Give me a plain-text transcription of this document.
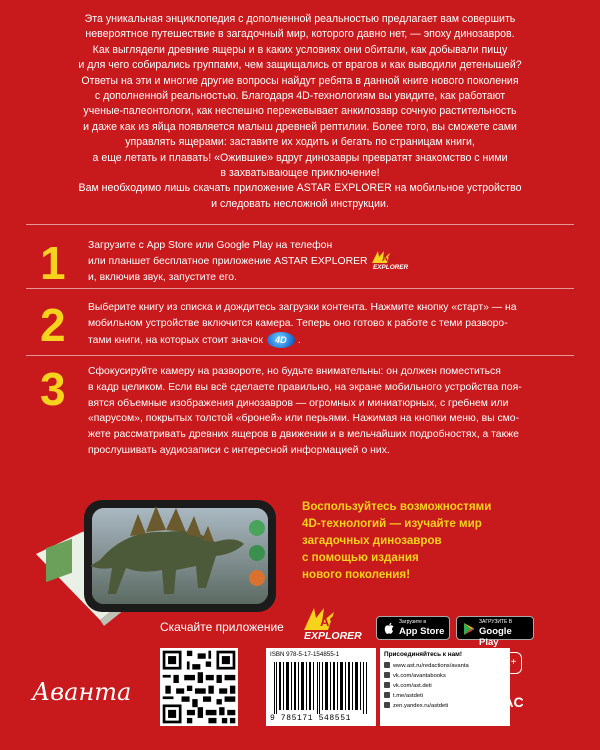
Эта уникальная энциклопедия с дополненной реальностью предлагает вам совершить

невероятное путешествие в загадочный мир, которого давно нет, — эпоху динозавров.

Как выглядели древние ящеры и в каких условиях они обитали, как добывали пищу

и для чего собирались группами, чем защищались от врагов и как выводили детенышей?

Ответы на эти и многие другие вопросы найдут ребята в данной книге нового поколения

с дополненной реальностью. Благодаря 4D-технологиям вы увидите, как работают

ученые-палеонтологи, как неспешно пережевывает анкилозавр сочную растительность

и даже как из яйца появляется малыш древней рептилии. Более того, вы сможете сами

управлять ящерами: заставите их ходить и бегать по страницам книги,

а еще летать и плавать! «Ожившие» вдруг динозавры превратят знакомство с ними

в захватывающее приключение!

Вам необходимо лишь скачать приложение ASTAR EXPLORER на мобильное устройство

и следовать несложной инструкции.

1 Загрузите с App Store или Google Play на телефон

или планшет бесплатное приложение ASTAR EXPLORER

и, включив звук, запустите его.

AST
EXPLORER
2 Выберите книгу из списка и дождитесь загрузки контента. Нажмите кнопку «старт» — на

мобильном устройстве включится камера. Теперь оно готово к работе с теми разворо-

тами книги, на которых стоит значок 4D .

3 Сфокусируйте камеру на развороте, но будьте внимательны: он должен поместиться

в кадр целиком. Если вы всё сделаете правильно, на экране мобильного устройства поя-

вятся объемные изображения динозавров — огромных и миниатюрных, с гребнем или

«парусом», покрытых толстой «броней» или перьями. Нажимая на кнопки меню, вы смо-

жете рассматривать древних ящеров в движении и в мельчайших подробностях, а также

прослушивать аудиозаписи с интересной информацией о них.

Воспользуйтесь возможностями

4D-технологий — изучайте мир

загадочных динозавров

с помощью издания

нового поколения!

AST
EXPLORER
Скачайте приложение	Загрузите в
App Store
ЗАГРУЗИТЕ В
Google Play
ISBN 978-5-17-154855-1
9 785171 548551
Присоединяйтесь к нам!
www.ast.ru/redactions/avanta
vk.com/avantabooks
vk.com/ast.deti
t.me/astdeti
zen.yandex.ru/astdeti
12+
EAC
Аванта
